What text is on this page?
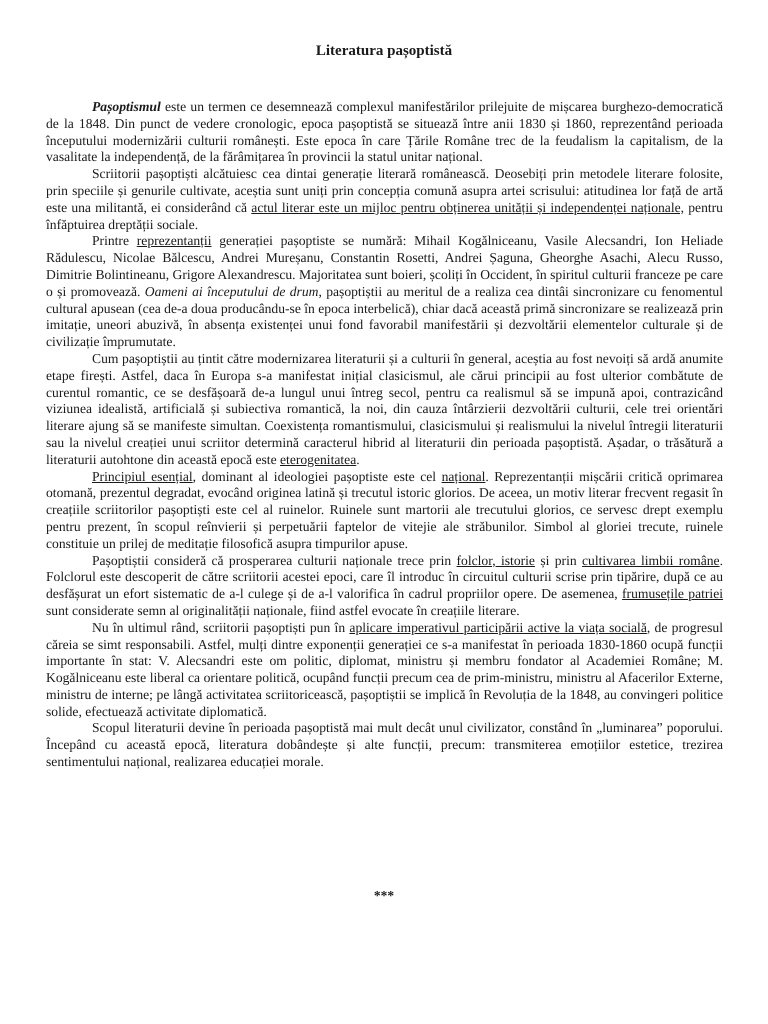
Literatura pașoptistă

Pașoptismul este un termen ce desemnează complexul manifestărilor prilejuite de mișcarea burghezo-democratică de la 1848. Din punct de vedere cronologic, epoca pașoptistă se situează între anii 1830 și 1860, reprezentând perioada începutului modernizării culturii românești. Este epoca în care Țările Române trec de la feudalism la capitalism, de la vasalitate la independență, de la fărâmițarea în provincii la statul unitar național.

Scriitorii pașoptiști alcătuiesc cea dintai generație literară românească. Deosebiți prin metodele literare folosite, prin speciile și genurile cultivate, aceștia sunt uniți prin concepția comună asupra artei scrisului: atitudinea lor față de artă este una militantă, ei considerând că actul literar este un mijloc pentru obținerea unității și independenței naționale, pentru înfăptuirea dreptății sociale.

Printre reprezentanții generației pașoptiste se numără: Mihail Kogălniceanu, Vasile Alecsandri, Ion Heliade Rădulescu, Nicolae Bălcescu, Andrei Mureșanu, Constantin Rosetti, Andrei Șaguna, Gheorghe Asachi, Alecu Russo, Dimitrie Bolintineanu, Grigore Alexandrescu. Majoritatea sunt boieri, școliți în Occident, în spiritul culturii franceze pe care o și promovează. Oameni ai începutului de drum, pașoptiștii au meritul de a realiza cea dintâi sincronizare cu fenomentul cultural apusean (cea de-a doua producându-se în epoca interbelică), chiar dacă această primă sincronizare se realizează prin imitație, uneori abuzivă, în absența existenței unui fond favorabil manifestării și dezvoltării elementelor culturale și de civilizație împrumutate.

Cum pașoptiștii au țintit către modernizarea literaturii și a culturii în general, aceștia au fost nevoiți să ardă anumite etape firești. Astfel, daca în Europa s-a manifestat inițial clasicismul, ale cărui principii au fost ulterior combătute de curentul romantic, ce se desfășoară de-a lungul unui întreg secol, pentru ca realismul să se impună apoi, contrazicând viziunea idealistă, artificială și subiectiva romantică, la noi, din cauza întârzierii dezvoltării culturii, cele trei orientări literare ajung să se manifeste simultan. Coexistența romantismului, clasicismului și realismului la nivelul întregii literaturii sau la nivelul creației unui scriitor determină caracterul hibrid al literaturii din perioada pașoptistă. Așadar, o trăsătură a literaturii autohtone din această epocă este eterogenitatea.

Principiul esențial, dominant al ideologiei pașoptiste este cel național. Reprezentanții mișcării critică oprimarea otomană, prezentul degradat, evocând originea latină și trecutul istoric glorios. De aceea, un motiv literar frecvent regasit în creațiile scriitorilor pașoptiști este cel al ruinelor. Ruinele sunt martorii ale trecutului glorios, ce servesc drept exemplu pentru prezent, în scopul reînvierii și perpetuării faptelor de vitejie ale străbunilor. Simbol al gloriei trecute, ruinele constituie un prilej de meditație filosofică asupra timpurilor apuse.

Pașoptiștii consideră că prosperarea culturii naționale trece prin folclor, istorie și prin cultivarea limbii române. Folclorul este descoperit de către scriitorii acestei epoci, care îl introduc în circuitul culturii scrise prin tipărire, după ce au desfășurat un efort sistematic de a-l culege și de a-l valorifica în cadrul propriilor opere. De asemenea, frumusețile patriei sunt considerate semn al originalității naționale, fiind astfel evocate în creațiile literare.

Nu în ultimul rând, scriitorii pașoptiști pun în aplicare imperativul participării active la viața socială, de progresul căreia se simt responsabili. Astfel, mulți dintre exponenții generației ce s-a manifestat în perioada 1830-1860 ocupă funcții importante în stat: V. Alecsandri este om politic, diplomat, ministru și membru fondator al Academiei Române; M. Kogălniceanu este liberal ca orientare politică, ocupând funcții precum cea de prim-ministru, ministru al Afacerilor Externe, ministru de interne; pe lângă activitatea scriitoricească, pașoptiștii se implică în Revoluția de la 1848, au convingeri politice solide, efectuează activitate diplomatică.

Scopul literaturii devine în perioada pașoptistă mai mult decât unul civilizator, constând în „luminarea” poporului. Începând cu această epocă, literatura dobândește și alte funcții, precum: transmiterea emoțiilor estetice, trezirea sentimentului național, realizarea educației morale.

***
